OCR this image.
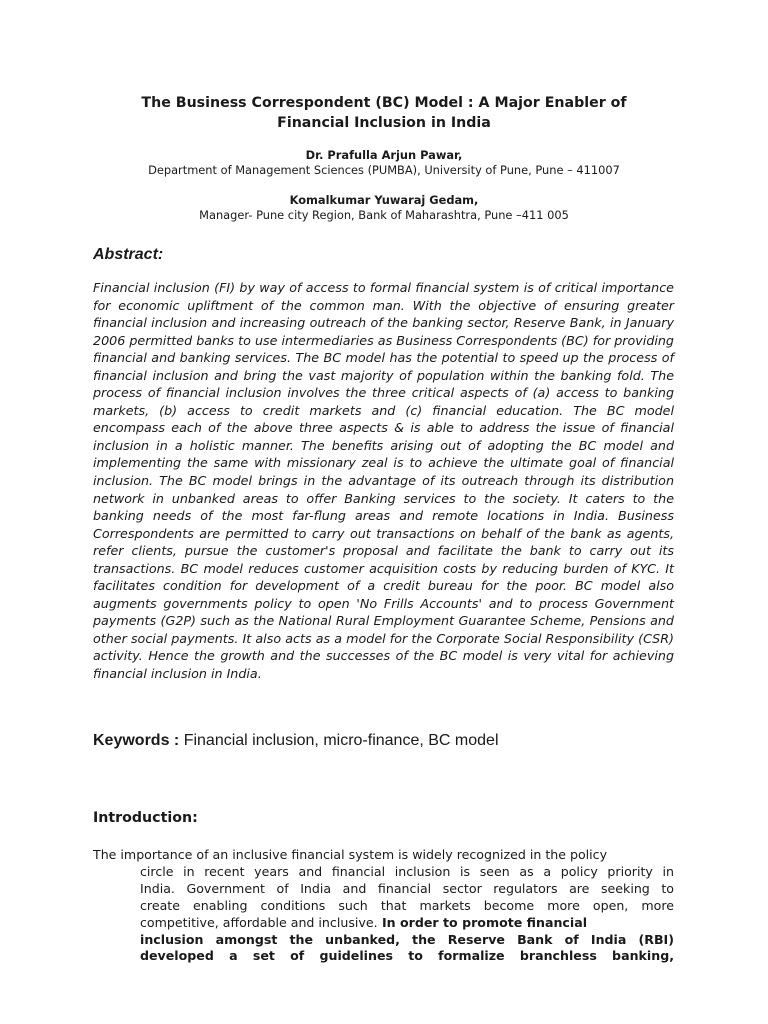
The Business Correspondent (BC) Model : A Major Enabler of
Financial Inclusion in India

Dr. Prafulla Arjun Pawar,

Department of Management Sciences (PUMBA), University of Pune, Pune – 411007

Komalkumar Yuwaraj Gedam,

Manager- Pune city Region, Bank of Maharashtra, Pune –411 005

Abstract:

Financial inclusion (FI) by way of access to formal financial system is of critical importance for economic upliftment of the common man. With the objective of ensuring greater financial inclusion and increasing outreach of the banking sector, Reserve Bank, in January 2006 permitted banks to use intermediaries as Business Correspondents (BC) for providing financial and banking services. The BC model has the potential to speed up the process of financial inclusion and bring the vast majority of population within the banking fold. The process of financial inclusion involves the three critical aspects of (a) access to banking markets, (b) access to credit markets and (c) financial education. The BC model encompass each of the above three aspects & is able to address the issue of financial inclusion in a holistic manner. The benefits arising out of adopting the BC model and implementing the same with missionary zeal is to achieve the ultimate goal of financial inclusion. The BC model brings in the advantage of its outreach through its distribution network in unbanked areas to offer Banking services to the society. It caters to the banking needs of the most far-flung areas and remote locations in India. Business Correspondents are permitted to carry out transactions on behalf of the bank as agents, refer clients, pursue the customer's proposal and facilitate the bank to carry out its transactions. BC model reduces customer acquisition costs by reducing burden of KYC. It facilitates condition for development of a credit bureau for the poor. BC model also augments governments policy to open 'No Frills Accounts' and to process Government payments (G2P) such as the National Rural Employment Guarantee Scheme, Pensions and other social payments. It also acts as a model for the Corporate Social Responsibility (CSR) activity. Hence the growth and the successes of the BC model is very vital for achieving financial inclusion in India.

Keywords : Financial inclusion, micro-finance, BC model

Introduction:
The importance of an inclusive financial system is widely recognized in the policy
circle in recent years and financial inclusion is seen as a policy priority in
India. Government of India and financial sector regulators are seeking to
create enabling conditions such that markets become more open, more
competitive, affordable and inclusive. In order to promote financial
inclusion amongst the unbanked, the Reserve Bank of India (RBI)
developed a set of guidelines to formalize branchless banking,
